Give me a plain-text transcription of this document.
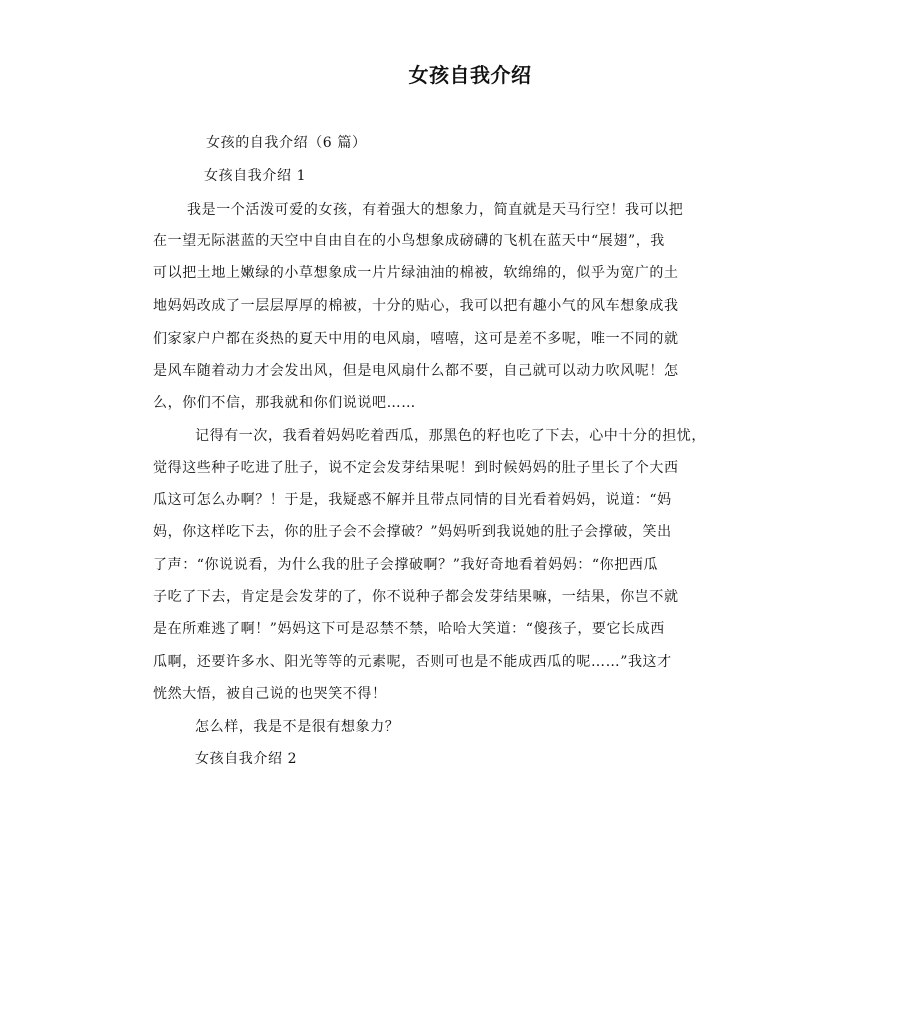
女孩自我介绍
女孩的自我介绍（6 篇）
女孩自我介绍 1
我是一个活泼可爱的女孩，有着强大的想象力，简直就是天马行空！我可以把
在一望无际湛蓝的天空中自由自在的小鸟想象成磅礴的飞机在蓝天中“展翅”，我
可以把土地上嫩绿的小草想象成一片片绿油油的棉被，软绵绵的，似乎为宽广的土
地妈妈改成了一层层厚厚的棉被，十分的贴心，我可以把有趣小气的风车想象成我
们家家户户都在炎热的夏天中用的电风扇，嘻嘻，这可是差不多呢，唯一不同的就
是风车随着动力才会发出风，但是电风扇什么都不要，自己就可以动力吹风呢！怎
么，你们不信，那我就和你们说说吧……
记得有一次，我看着妈妈吃着西瓜，那黑色的籽也吃了下去，心中十分的担忧，
觉得这些种子吃进了肚子，说不定会发芽结果呢！到时候妈妈的肚子里长了个大西
瓜这可怎么办啊？！于是，我疑惑不解并且带点同情的目光看着妈妈，说道：“妈
妈，你这样吃下去，你的肚子会不会撑破？”妈妈听到我说她的肚子会撑破，笑出
了声：“你说说看，为什么我的肚子会撑破啊？”我好奇地看着妈妈：“你把西瓜
子吃了下去，肯定是会发芽的了，你不说种子都会发芽结果嘛，一结果，你岂不就
是在所难逃了啊！”妈妈这下可是忍禁不禁，哈哈大笑道：“傻孩子，要它长成西
瓜啊，还要许多水、阳光等等的元素呢，否则可也是不能成西瓜的呢……”我这才
恍然大悟，被自己说的也哭笑不得！
怎么样，我是不是很有想象力？
女孩自我介绍 2
